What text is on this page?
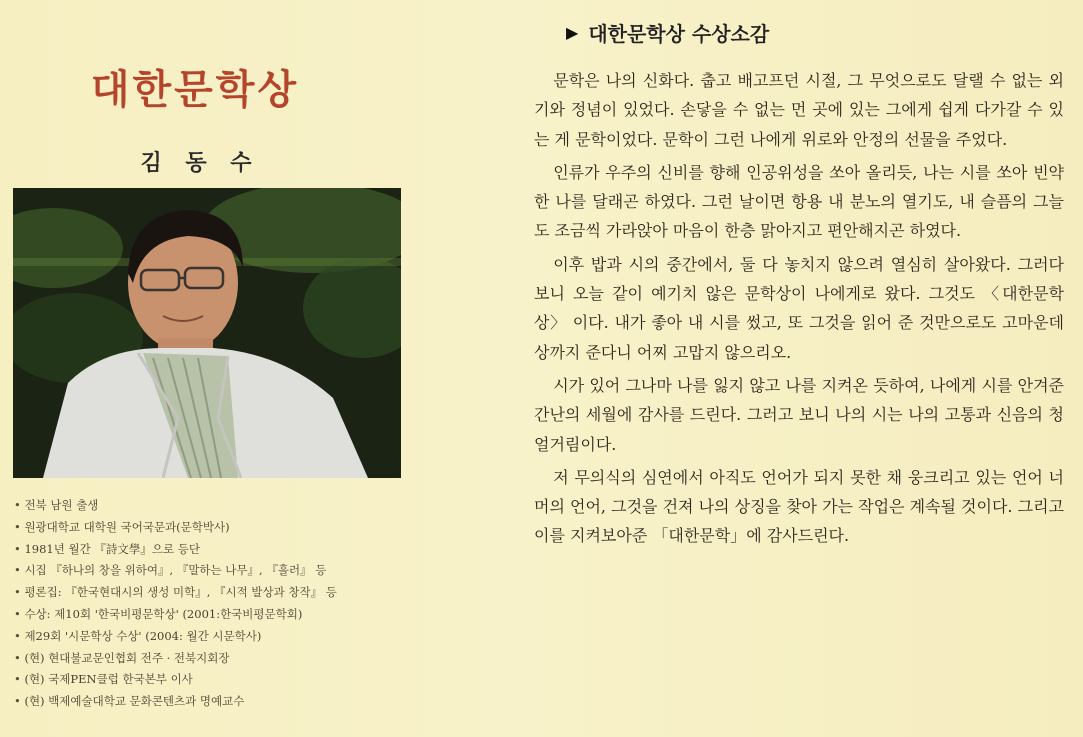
대한문학상
김 동 수
• 전북 남원 출생
• 원광대학교 대학원 국어국문과(문학박사)
• 1981년 월간 『詩文學』으로 등단
• 시집 『하나의 창을 위하여』, 『말하는 나무』, 『흘러』 등
• 평론집: 『한국현대시의 생성 미학』, 『시적 발상과 창작』 등
• 수상: 제10회 '한국비평문학상' (2001:한국비평문학회)
• 제29회 '시문학상 수상' (2004: 월간 시문학사)
• (현) 현대불교문인협회 전주 · 전북지회장
• (현) 국제PEN클럽 한국본부 이사
• (현) 백제예술대학교 문화콘텐츠과 명예교수
▶ 대한문학상 수상소감

문학은 나의 신화다. 춥고 배고프던 시절, 그 무엇으로도 달랠 수 없는 외기와 정념이 있었다. 손닿을 수 없는 먼 곳에 있는 그에게 쉽게 다가갈 수 있는 게 문학이었다. 문학이 그런 나에게 위로와 안정의 선물을 주었다.

인류가 우주의 신비를 향해 인공위성을 쏘아 올리듯, 나는 시를 쏘아 빈약한 나를 달래곤 하였다. 그런 날이면 항용 내 분노의 열기도, 내 슬픔의 그늘도 조금씩 가라앉아 마음이 한층 맑아지고 편안해지곤 하였다.

이후 밥과 시의 중간에서, 둘 다 놓치지 않으려 열심히 살아왔다. 그러다 보니 오늘 같이 예기치 않은 문학상이 나에게로 왔다. 그것도 〈대한문학상〉 이다. 내가 좋아 내 시를 썼고, 또 그것을 읽어 준 것만으로도 고마운데 상까지 준다니 어찌 고맙지 않으리오.

시가 있어 그나마 나를 잃지 않고 나를 지켜온 듯하여, 나에게 시를 안겨준 간난의 세월에 감사를 드린다. 그러고 보니 나의 시는 나의 고통과 신음의 청얼거림이다.

저 무의식의 심연에서 아직도 언어가 되지 못한 채 웅크리고 있는 언어 너머의 언어, 그것을 건져 나의 상징을 찾아 가는 작업은 계속될 것이다. 그리고 이를 지켜보아준 「대한문학」에 감사드린다.
